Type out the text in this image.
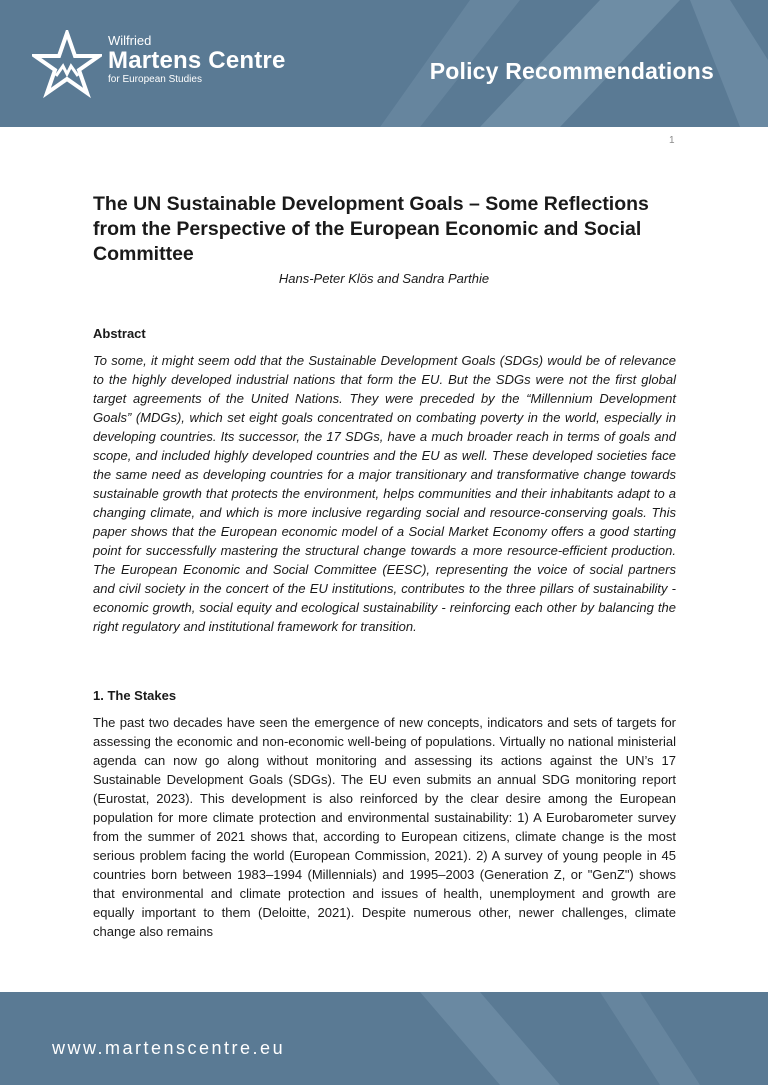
Wilfried
Martens Centre
for European Studies	Policy Recommendations
1
The UN Sustainable Development Goals – Some Reflections from the Perspective of the European Economic and Social Committee
Hans-Peter Klös and Sandra Parthie
Abstract

To some, it might seem odd that the Sustainable Development Goals (SDGs) would be of relevance to the highly developed industrial nations that form the EU. But the SDGs were not the first global target agreements of the United Nations. They were preceded by the “Millennium Development Goals” (MDGs), which set eight goals concentrated on combating poverty in the world, especially in developing countries. Its successor, the 17 SDGs, have a much broader reach in terms of goals and scope, and included highly developed countries and the EU as well. These developed societies face the same need as developing countries for a major transitionary and transformative change towards sustainable growth that protects the environment, helps communities and their inhabitants adapt to a changing climate, and which is more inclusive regarding social and resource-conserving goals. This paper shows that the European economic model of a Social Market Economy offers a good starting point for successfully mastering the structural change towards a more resource-efficient production. The European Economic and Social Committee (EESC), representing the voice of social partners and civil society in the concert of the EU institutions, contributes to the three pillars of sustainability - economic growth, social equity and ecological sustainability - reinforcing each other by balancing the right regulatory and institutional framework for transition.

1. The Stakes

The past two decades have seen the emergence of new concepts, indicators and sets of targets for assessing the economic and non-economic well-being of populations. Virtually no national ministerial agenda can now go along without monitoring and assessing its actions against the UN’s 17 Sustainable Development Goals (SDGs). The EU even submits an annual SDG monitoring report (Eurostat, 2023). This development is also reinforced by the clear desire among the European population for more climate protection and environmental sustainability: 1) A Eurobarometer survey from the summer of 2021 shows that, according to European citizens, climate change is the most serious problem facing the world (European Commission, 2021). 2) A survey of young people in 45 countries born between 1983–1994 (Millennials) and 1995–2003 (Generation Z, or "GenZ") shows that environmental and climate protection and issues of health, unemployment and growth are equally important to them (Deloitte, 2021). Despite numerous other, newer challenges, climate change also remains

www.martenscentre.eu
